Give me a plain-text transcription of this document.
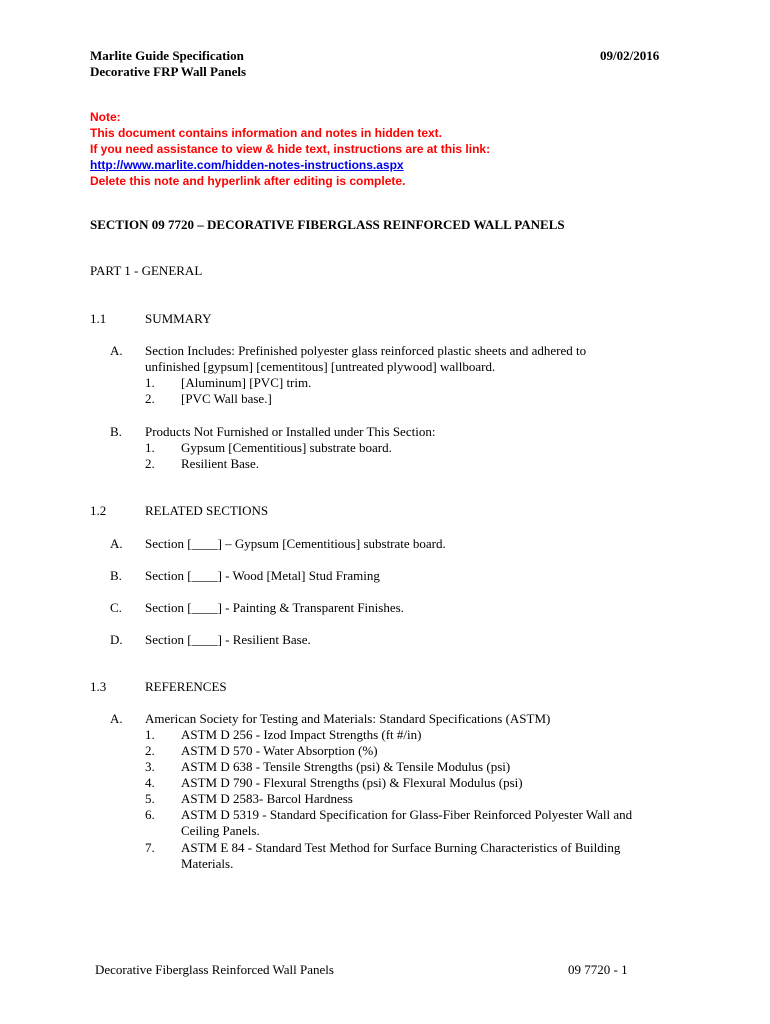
Marlite Guide Specification
Decorative FRP Wall Panels
09/02/2016
Note:
This document contains information and notes in hidden text.
If you need assistance to view & hide text, instructions are at this link:
http://www.marlite.com/hidden-notes-instructions.aspx
Delete this note and hyperlink after editing is complete.
SECTION 09 7720 – DECORATIVE FIBERGLASS REINFORCED WALL PANELS
PART 1 - GENERAL
1.1	SUMMARY
A. Section Includes: Prefinished polyester glass reinforced plastic sheets and adhered to
unfinished [gypsum] [cementitous] [untreated plywood] wallboard.
1. [Aluminum] [PVC] trim.
2. [PVC Wall base.]
B. Products Not Furnished or Installed under This Section:
1. Gypsum [Cementitious] substrate board.
2. Resilient Base.
1.2	RELATED SECTIONS
A. Section [____] – Gypsum [Cementitious] substrate board.
B. Section [____] - Wood [Metal] Stud Framing
C. Section [____] - Painting & Transparent Finishes.
D. Section [____] - Resilient Base.
1.3	REFERENCES
A. American Society for Testing and Materials: Standard Specifications (ASTM)
1. ASTM D 256 - Izod Impact Strengths (ft #/in)
2. ASTM D 570 - Water Absorption (%)
3. ASTM D 638 - Tensile Strengths (psi) & Tensile Modulus (psi)
4. ASTM D 790 - Flexural Strengths (psi) & Flexural Modulus (psi)
5. ASTM D 2583- Barcol Hardness
6. ASTM D 5319 - Standard Specification for Glass-Fiber Reinforced Polyester Wall and
Ceiling Panels.
7. ASTM E 84 - Standard Test Method for Surface Burning Characteristics of Building
Materials.
Decorative Fiberglass Reinforced Wall Panels	09 7720 - 1
